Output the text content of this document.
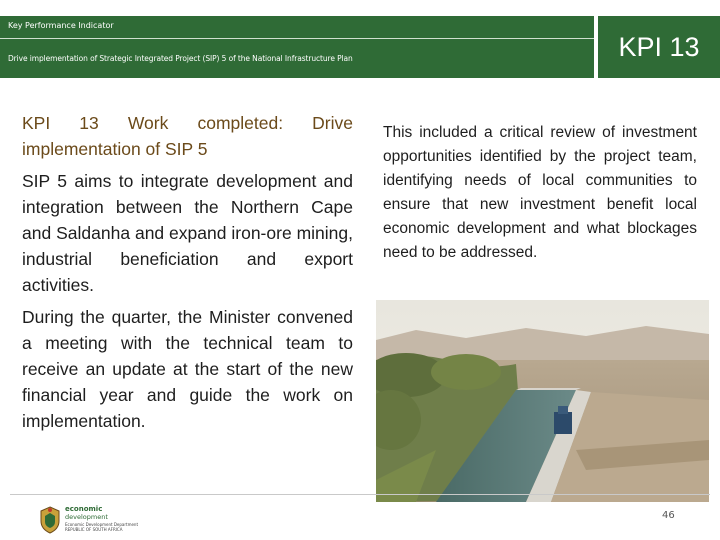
Key Performance Indicator
Drive implementation of Strategic Integrated Project (SIP) 5 of the National Infrastructure Plan	KPI 13

KPI 13 Work completed: Drive implementation of SIP 5

SIP 5 aims to integrate development and integration between the Northern Cape and Saldanha and expand iron-ore mining, industrial beneficiation and export activities.

During the quarter, the Minister convened a meeting with the technical team to receive an update at the start of the new financial year and guide the work on implementation.

This included a critical review of investment opportunities identified by the project team, identifying needs of local communities to ensure that new investment benefit local economic development and what blockages need to be addressed.
economic
development
Economic Development Department
REPUBLIC OF SOUTH AFRICA
46
